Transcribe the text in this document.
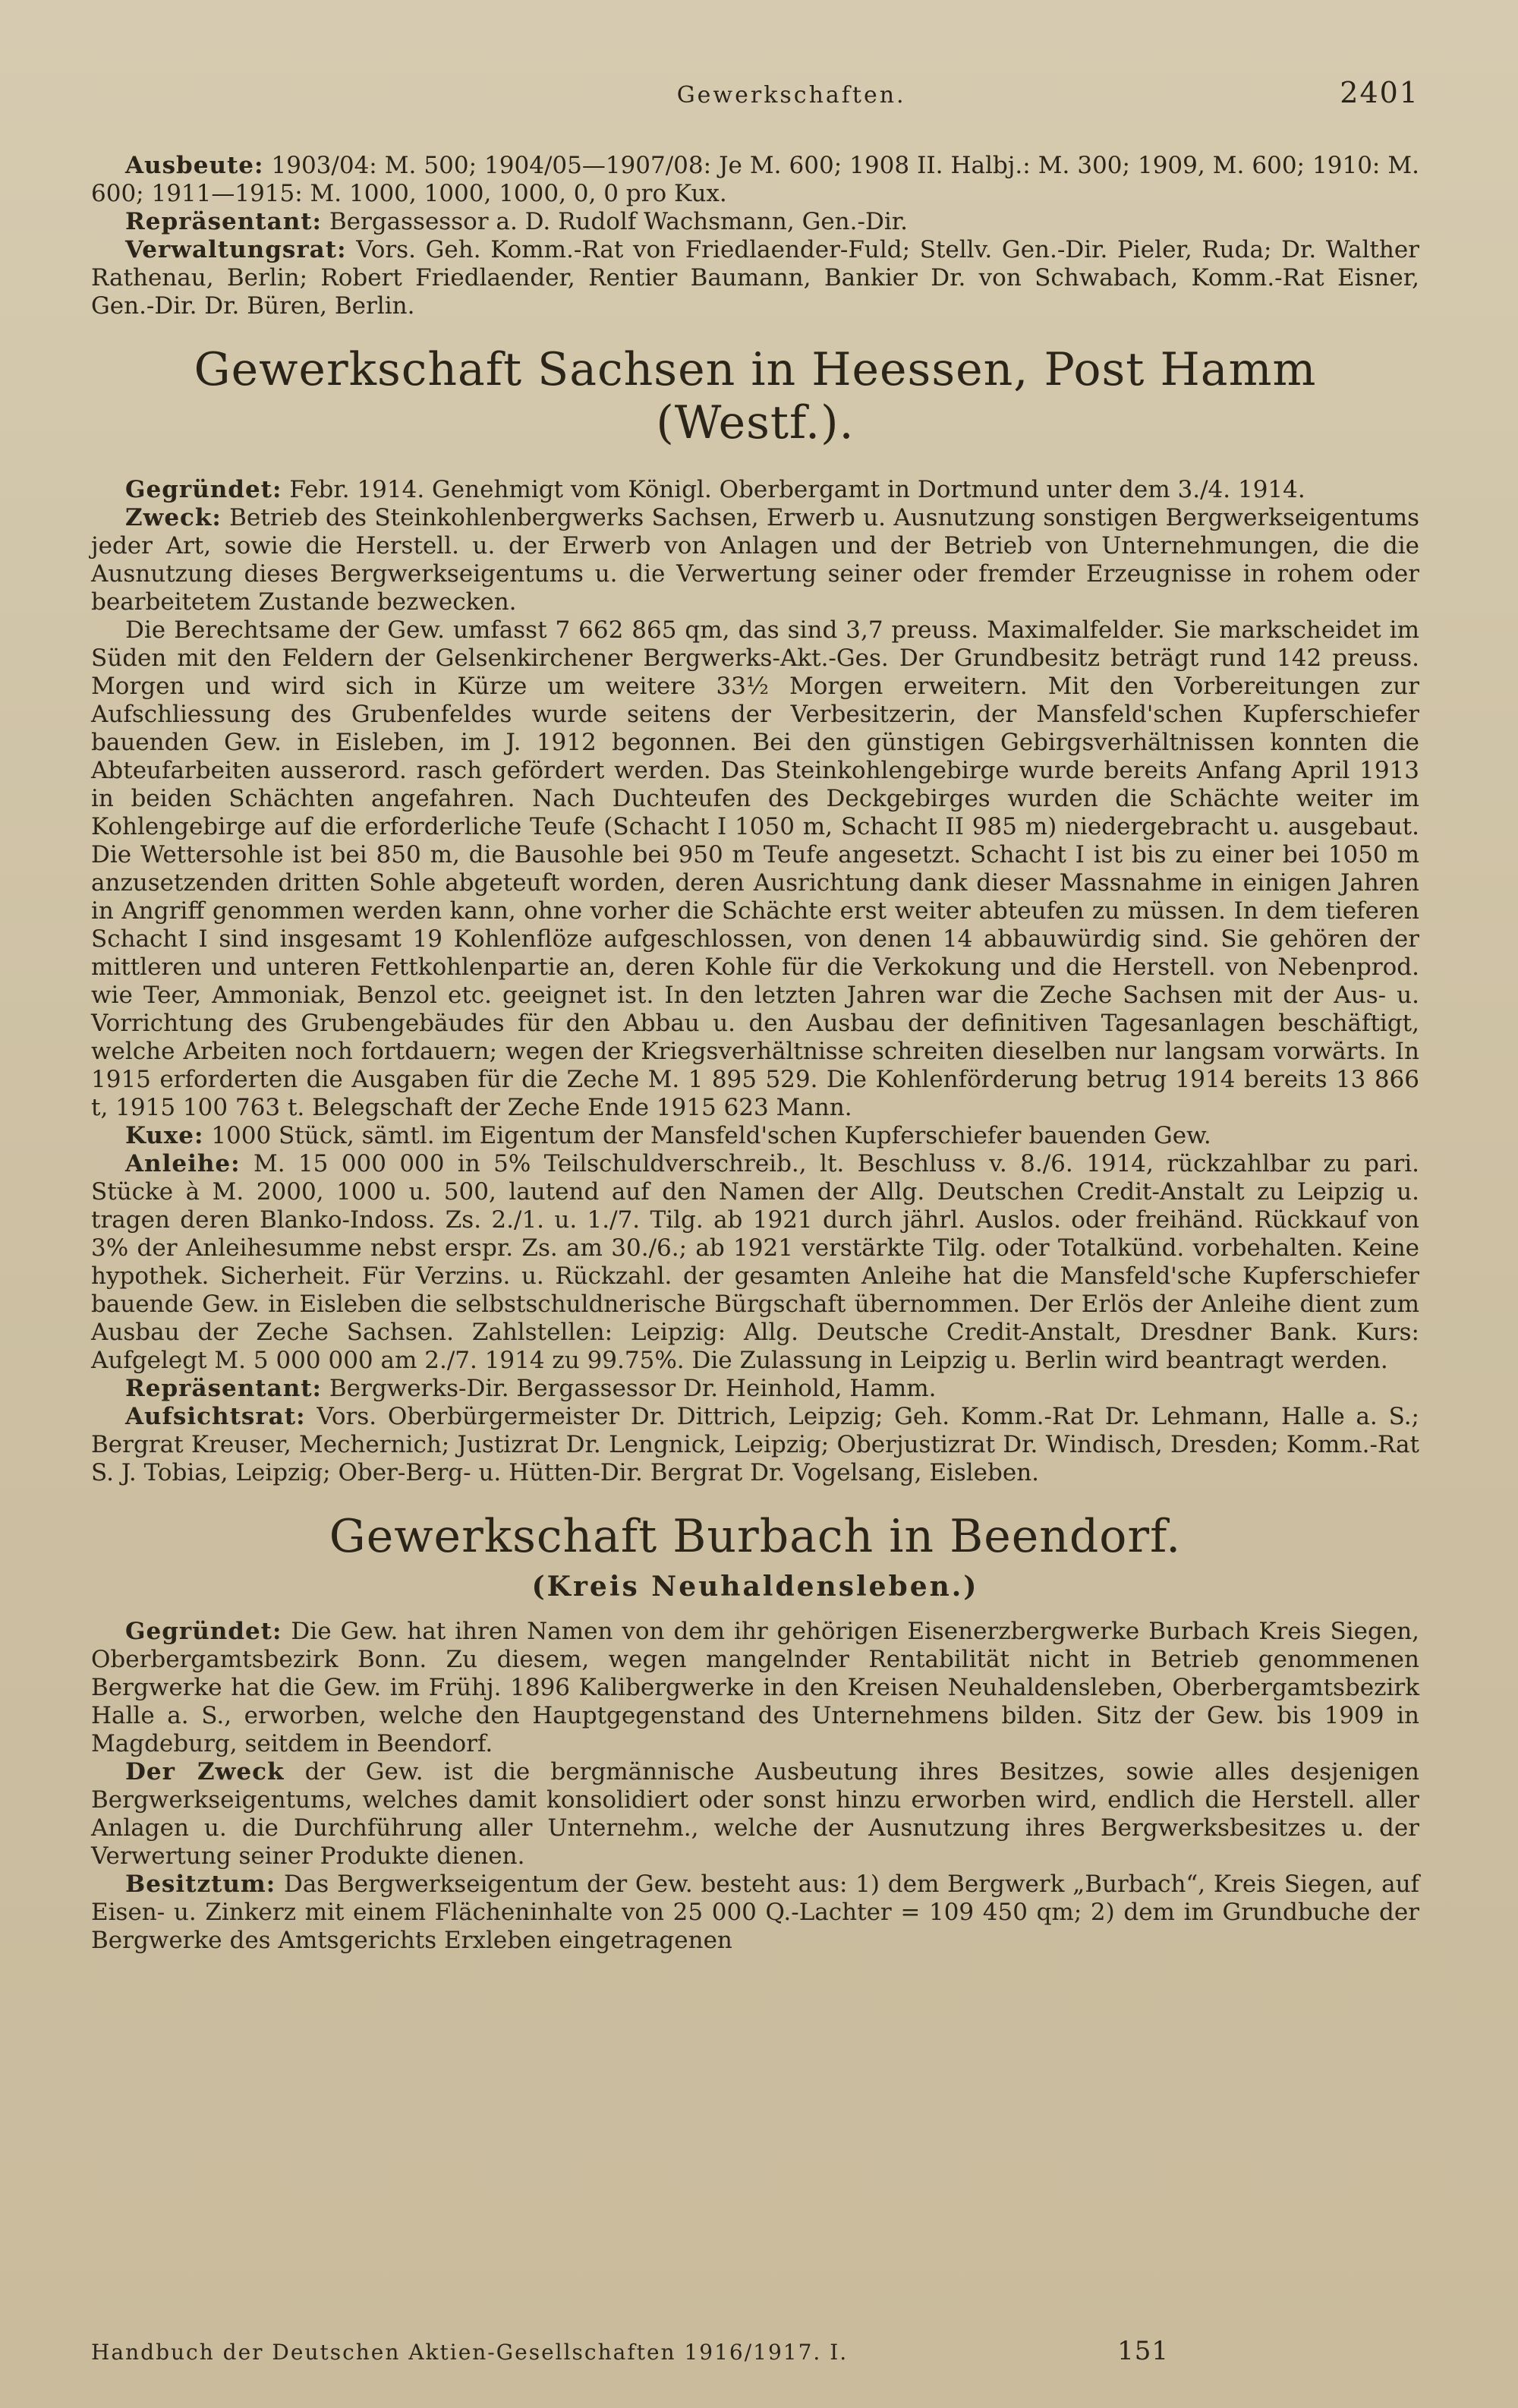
Gewerkschaften.	2401

Ausbeute: 1903/04: M. 500; 1904/05—1907/08: Je M. 600; 1908 II. Halbj.: M. 300; 1909, M. 600; 1910: M. 600; 1911—1915: M. 1000, 1000, 1000, 0, 0 pro Kux.

Repräsentant: Bergassessor a. D. Rudolf Wachsmann, Gen.-Dir.

Verwaltungsrat: Vors. Geh. Komm.-Rat von Friedlaender-Fuld; Stellv. Gen.-Dir. Pieler, Ruda; Dr. Walther Rathenau, Berlin; Robert Friedlaender, Rentier Baumann, Bankier Dr. von Schwabach, Komm.-Rat Eisner, Gen.-Dir. Dr. Büren, Berlin.

Gewerkschaft Sachsen in Heessen, Post Hamm (Westf.).

Gegründet: Febr. 1914. Genehmigt vom Königl. Oberbergamt in Dortmund unter dem 3./4. 1914.

Zweck: Betrieb des Steinkohlenbergwerks Sachsen, Erwerb u. Ausnutzung sonstigen Bergwerkseigentums jeder Art, sowie die Herstell. u. der Erwerb von Anlagen und der Betrieb von Unternehmungen, die die Ausnutzung dieses Bergwerkseigentums u. die Verwertung seiner oder fremder Erzeugnisse in rohem oder bearbeitetem Zustande bezwecken.

Die Berechtsame der Gew. umfasst 7 662 865 qm, das sind 3,7 preuss. Maximalfelder. Sie markscheidet im Süden mit den Feldern der Gelsenkirchener Bergwerks-Akt.-Ges. Der Grundbesitz beträgt rund 142 preuss. Morgen und wird sich in Kürze um weitere 33½ Morgen erweitern. Mit den Vorbereitungen zur Aufschliessung des Grubenfeldes wurde seitens der Verbesitzerin, der Mansfeld'schen Kupferschiefer bauenden Gew. in Eisleben, im J. 1912 begonnen. Bei den günstigen Gebirgsverhältnissen konnten die Abteufarbeiten ausserord. rasch gefördert werden. Das Steinkohlengebirge wurde bereits Anfang April 1913 in beiden Schächten angefahren. Nach Duchteufen des Deckgebirges wurden die Schächte weiter im Kohlengebirge auf die erforderliche Teufe (Schacht I 1050 m, Schacht II 985 m) niedergebracht u. ausgebaut. Die Wettersohle ist bei 850 m, die Bausohle bei 950 m Teufe angesetzt. Schacht I ist bis zu einer bei 1050 m anzusetzenden dritten Sohle abgeteuft worden, deren Ausrichtung dank dieser Massnahme in einigen Jahren in Angriff genommen werden kann, ohne vorher die Schächte erst weiter abteufen zu müssen. In dem tieferen Schacht I sind insgesamt 19 Kohlenflöze aufgeschlossen, von denen 14 abbauwürdig sind. Sie gehören der mittleren und unteren Fettkohlenpartie an, deren Kohle für die Verkokung und die Herstell. von Nebenprod. wie Teer, Ammoniak, Benzol etc. geeignet ist. In den letzten Jahren war die Zeche Sachsen mit der Aus- u. Vorrichtung des Grubengebäudes für den Abbau u. den Ausbau der definitiven Tagesanlagen beschäftigt, welche Arbeiten noch fortdauern; wegen der Kriegsverhältnisse schreiten dieselben nur langsam vorwärts. In 1915 erforderten die Ausgaben für die Zeche M. 1 895 529. Die Kohlenförderung betrug 1914 bereits 13 866 t, 1915 100 763 t. Belegschaft der Zeche Ende 1915 623 Mann.

Kuxe: 1000 Stück, sämtl. im Eigentum der Mansfeld'schen Kupferschiefer bauenden Gew.

Anleihe: M. 15 000 000 in 5% Teilschuldverschreib., lt. Beschluss v. 8./6. 1914, rückzahlbar zu pari. Stücke à M. 2000, 1000 u. 500, lautend auf den Namen der Allg. Deutschen Credit-Anstalt zu Leipzig u. tragen deren Blanko-Indoss. Zs. 2./1. u. 1./7. Tilg. ab 1921 durch jährl. Auslos. oder freihänd. Rückkauf von 3% der Anleihesumme nebst erspr. Zs. am 30./6.; ab 1921 verstärkte Tilg. oder Totalkünd. vorbehalten. Keine hypothek. Sicherheit. Für Verzins. u. Rückzahl. der gesamten Anleihe hat die Mansfeld'sche Kupferschiefer bauende Gew. in Eisleben die selbstschuldnerische Bürgschaft übernommen. Der Erlös der Anleihe dient zum Ausbau der Zeche Sachsen. Zahlstellen: Leipzig: Allg. Deutsche Credit-Anstalt, Dresdner Bank. Kurs: Aufgelegt M. 5 000 000 am 2./7. 1914 zu 99.75%. Die Zulassung in Leipzig u. Berlin wird beantragt werden.

Repräsentant: Bergwerks-Dir. Bergassessor Dr. Heinhold, Hamm.

Aufsichtsrat: Vors. Oberbürgermeister Dr. Dittrich, Leipzig; Geh. Komm.-Rat Dr. Lehmann, Halle a. S.; Bergrat Kreuser, Mechernich; Justizrat Dr. Lengnick, Leipzig; Oberjustizrat Dr. Windisch, Dresden; Komm.-Rat S. J. Tobias, Leipzig; Ober-Berg- u. Hütten-Dir. Bergrat Dr. Vogelsang, Eisleben.

Gewerkschaft Burbach in Beendorf.
(Kreis Neuhaldensleben.)

Gegründet: Die Gew. hat ihren Namen von dem ihr gehörigen Eisenerzbergwerke Burbach Kreis Siegen, Oberbergamtsbezirk Bonn. Zu diesem, wegen mangelnder Rentabilität nicht in Betrieb genommenen Bergwerke hat die Gew. im Frühj. 1896 Kalibergwerke in den Kreisen Neuhaldensleben, Oberbergamtsbezirk Halle a. S., erworben, welche den Hauptgegenstand des Unternehmens bilden. Sitz der Gew. bis 1909 in Magdeburg, seitdem in Beendorf.

Der Zweck der Gew. ist die bergmännische Ausbeutung ihres Besitzes, sowie alles desjenigen Bergwerkseigentums, welches damit konsolidiert oder sonst hinzu erworben wird, endlich die Herstell. aller Anlagen u. die Durchführung aller Unternehm., welche der Ausnutzung ihres Bergwerksbesitzes u. der Verwertung seiner Produkte dienen.

Besitztum: Das Bergwerkseigentum der Gew. besteht aus: 1) dem Bergwerk „Burbach“, Kreis Siegen, auf Eisen- u. Zinkerz mit einem Flächeninhalte von 25 000 Q.-Lachter = 109 450 qm; 2) dem im Grundbuche der Bergwerke des Amtsgerichts Erxleben eingetragenen

Handbuch der Deutschen Aktien-Gesellschaften 1916/1917. I.	151
